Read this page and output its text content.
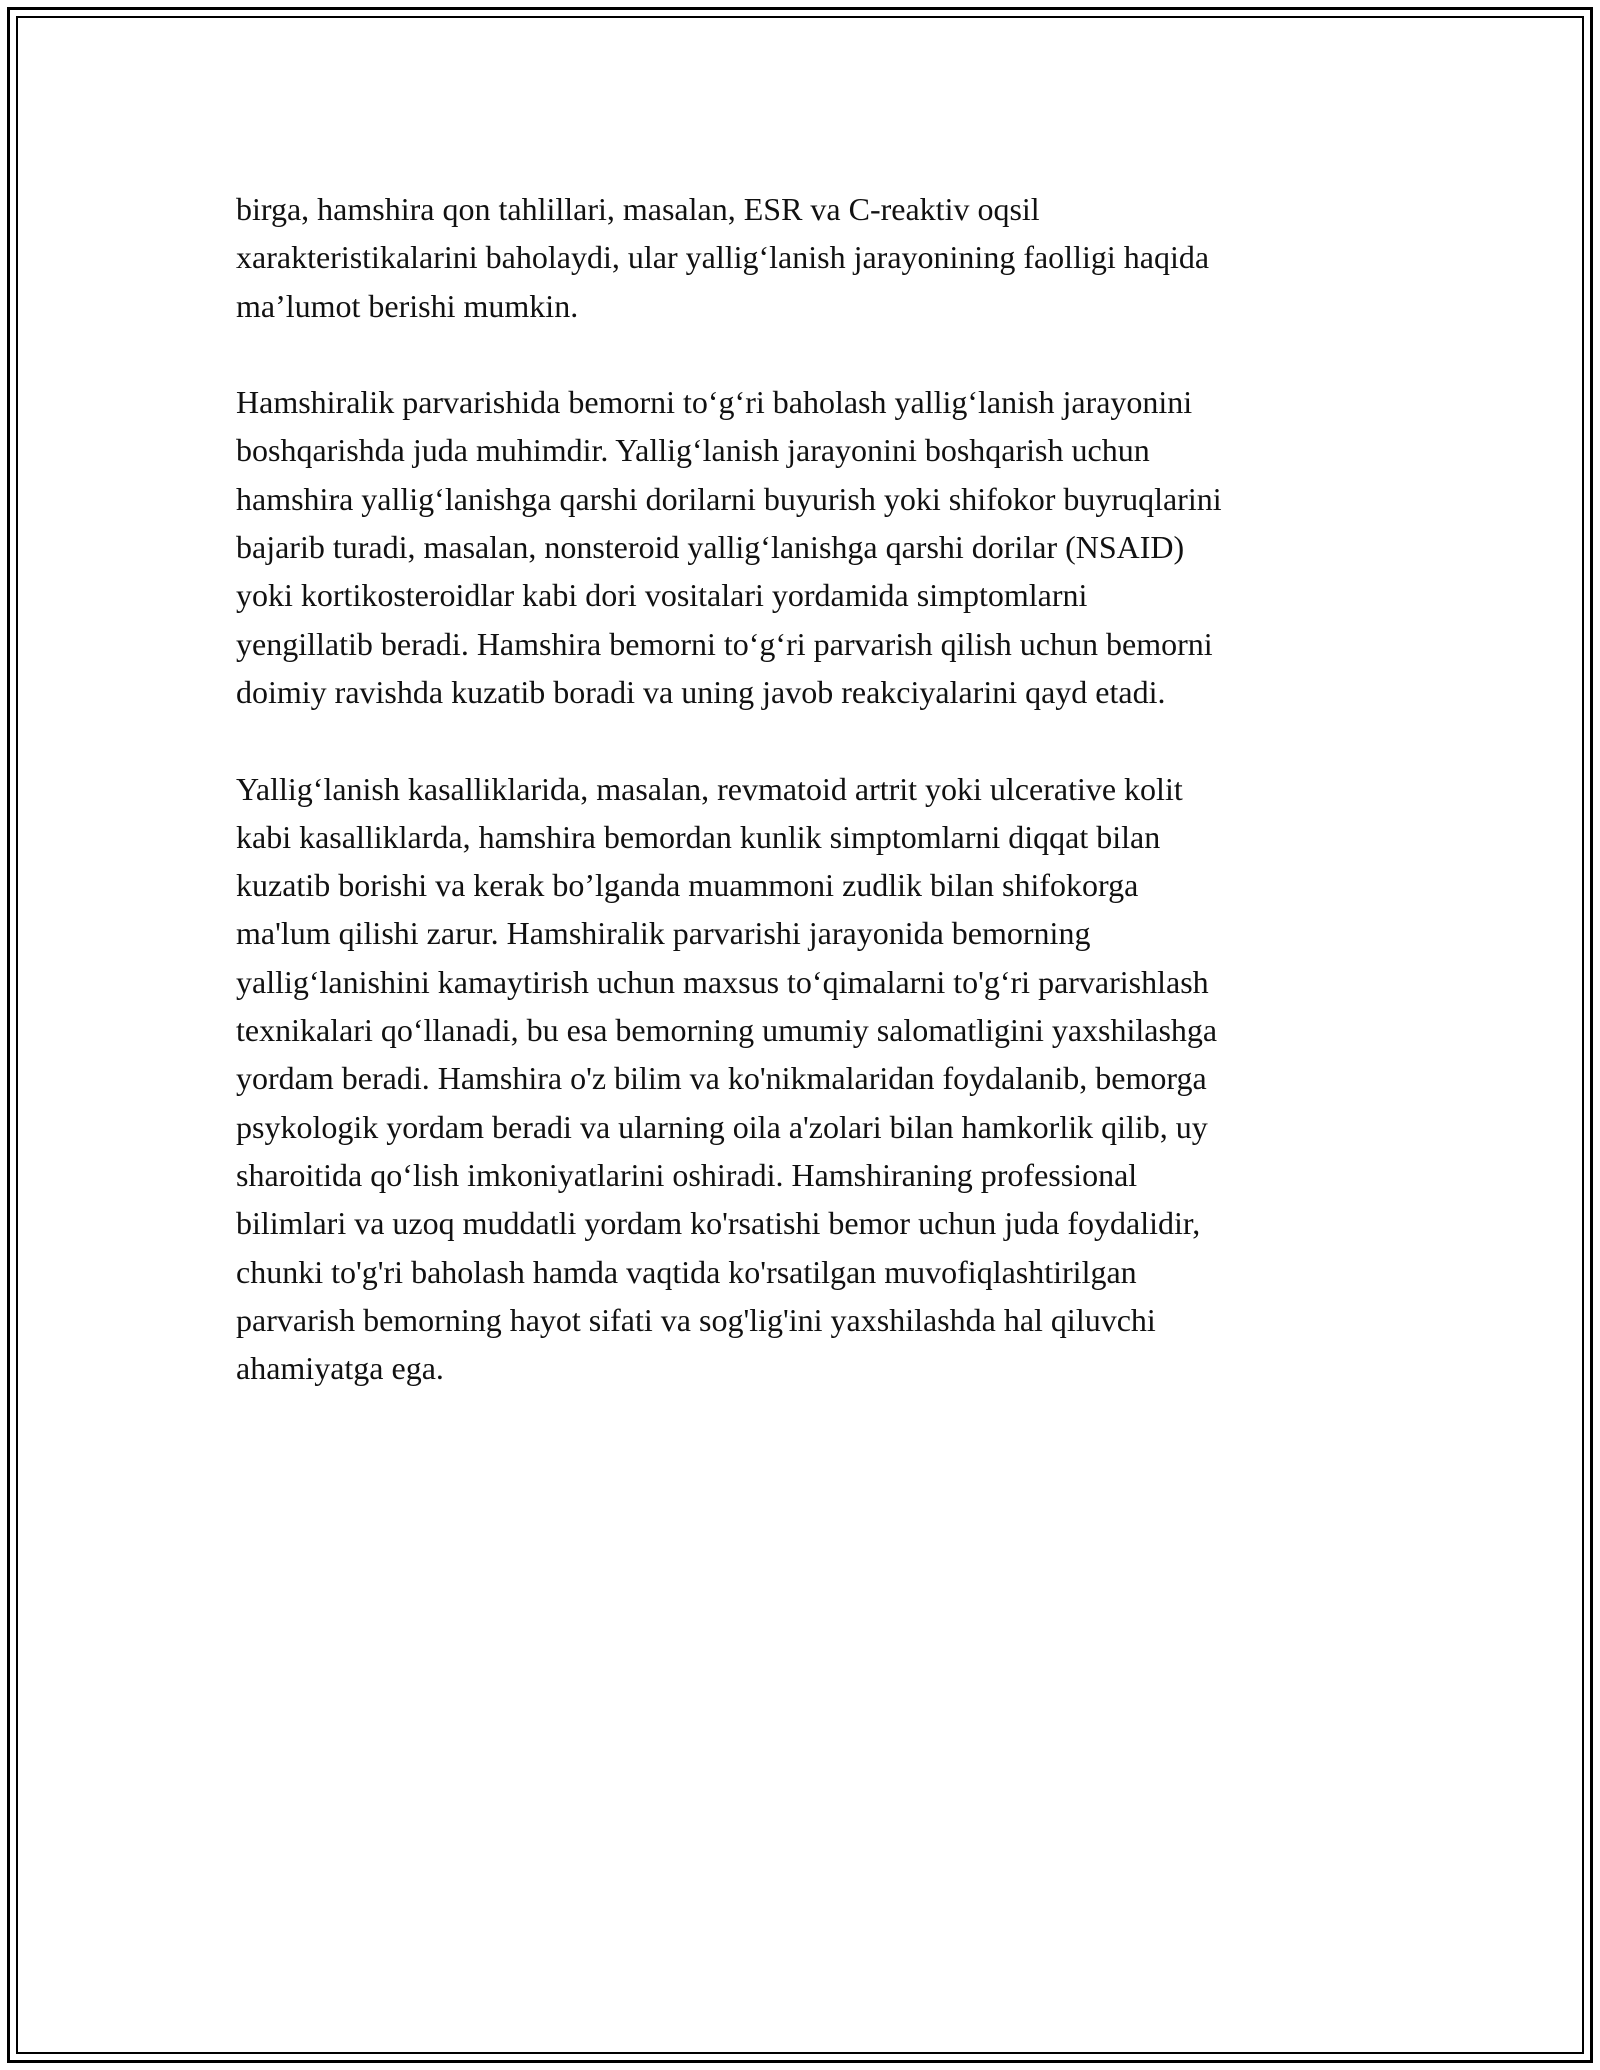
birga, hamshira qon tahlillari, masalan, ESR va C-reaktiv oqsil
xarakteristikalarini baholaydi, ular yallig‘lanish jarayonining faolligi haqida
ma’lumot berishi mumkin.

Hamshiralik parvarishida bemorni to‘g‘ri baholash yallig‘lanish jarayonini
boshqarishda juda muhimdir. Yallig‘lanish jarayonini boshqarish uchun
hamshira yallig‘lanishga qarshi dorilarni buyurish yoki shifokor buyruqlarini
bajarib turadi, masalan, nonsteroid yallig‘lanishga qarshi dorilar (NSAID)
yoki kortikosteroidlar kabi dori vositalari yordamida simptomlarni
yengillatib beradi. Hamshira bemorni to‘g‘ri parvarish qilish uchun bemorni
doimiy ravishda kuzatib boradi va uning javob reakciyalarini qayd etadi.

Yallig‘lanish kasalliklarida, masalan, revmatoid artrit yoki ulcerative kolit
kabi kasalliklarda, hamshira bemordan kunlik simptomlarni diqqat bilan
kuzatib borishi va kerak bo’lganda muammoni zudlik bilan shifokorga
ma'lum qilishi zarur. Hamshiralik parvarishi jarayonida bemorning
yallig‘lanishini kamaytirish uchun maxsus to‘qimalarni to'g‘ri parvarishlash
texnikalari qo‘llanadi, bu esa bemorning umumiy salomatligini yaxshilashga
yordam beradi. Hamshira o'z bilim va ko'nikmalaridan foydalanib, bemorga
psykologik yordam beradi va ularning oila a'zolari bilan hamkorlik qilib, uy
sharoitida qo‘lish imkoniyatlarini oshiradi. Hamshiraning professional
bilimlari va uzoq muddatli yordam ko'rsatishi bemor uchun juda foydalidir,
chunki to'g'ri baholash hamda vaqtida ko'rsatilgan muvofiqlashtirilgan
parvarish bemorning hayot sifati va sog'lig'ini yaxshilashda hal qiluvchi
ahamiyatga ega.
